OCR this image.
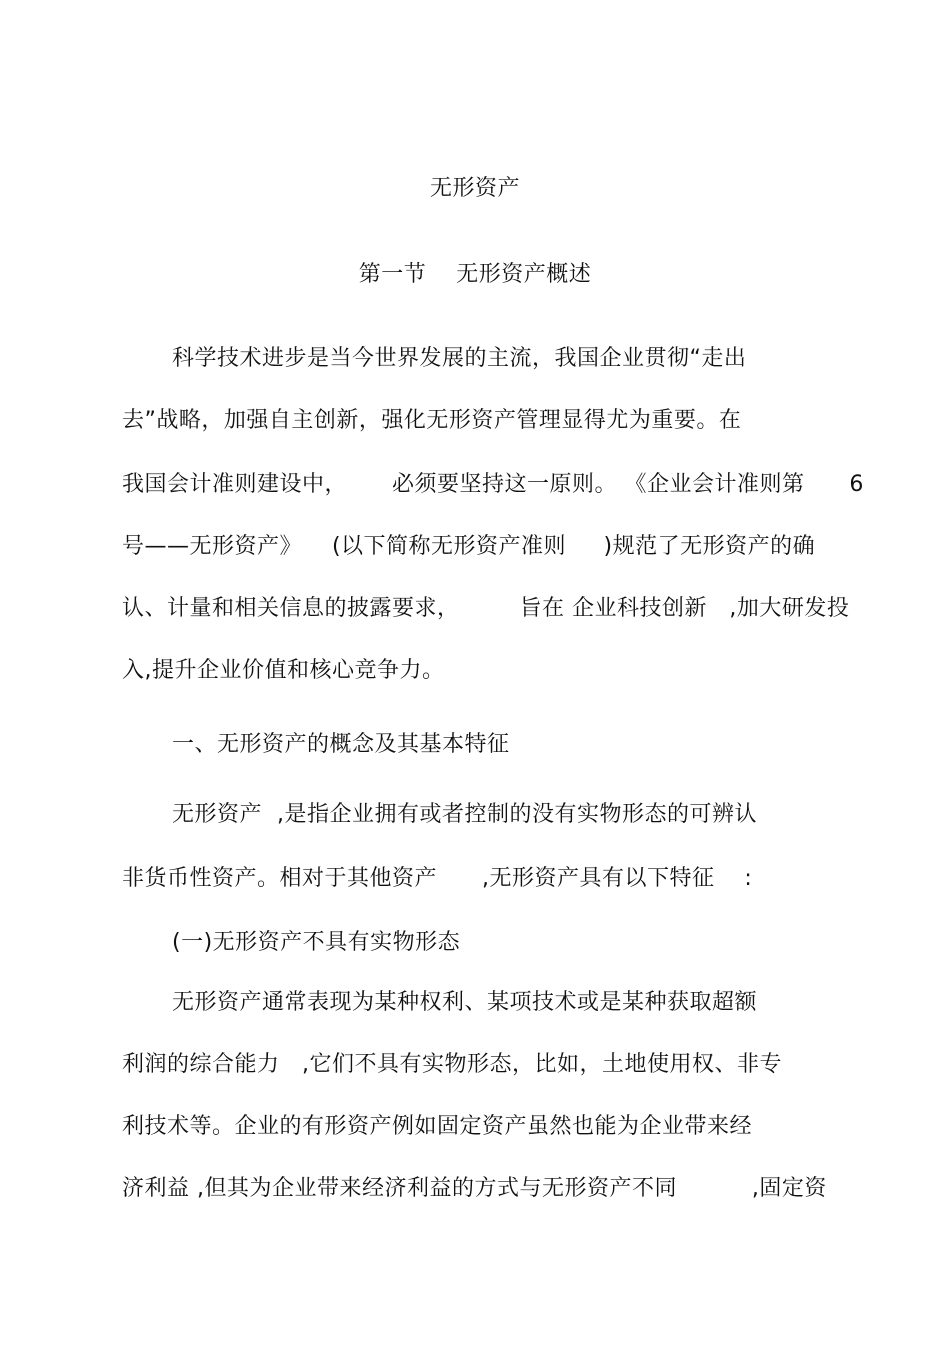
无形资产
第一节    无形资产概述
科学技术进步是当今世界发展的主流，我国企业贯彻“走出
去”战略，加强自主创新，强化无形资产管理显得尤为重要。在
我国会计准则建设中，      必须要坚持这一原则。 《企业会计准则第      6
号——无形资产》    (以下简称无形资产准则     )规范了无形资产的确
认、计量和相关信息的披露要求，        旨在 企业科技创新   ,加大研发投
入,提升企业价值和核心竞争力。
一、无形资产的概念及其基本特征
无形资产  ,是指企业拥有或者控制的没有实物形态的可辨认
非货币性资产。相对于其他资产      ,无形资产具有以下特征    :
(一)无形资产不具有实物形态
无形资产通常表现为某种权利、某项技术或是某种获取超额
利润的综合能力   ,它们不具有实物形态，比如，土地使用权、非专
利技术等。企业的有形资产例如固定资产虽然也能为企业带来经
济利益 ,但其为企业带来经济利益的方式与无形资产不同          ,固定资
